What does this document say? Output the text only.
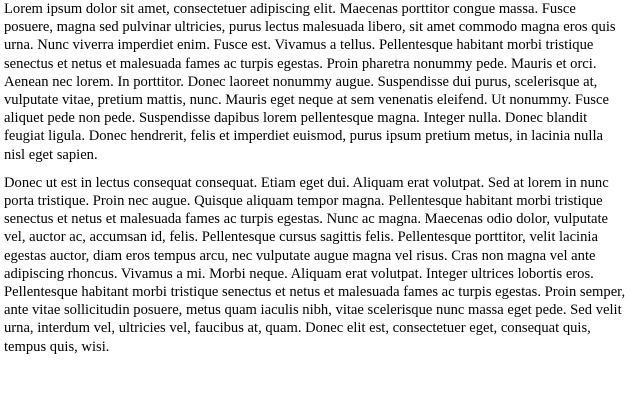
Lorem ipsum dolor sit amet, consectetuer adipiscing elit. Maecenas porttitor congue massa. Fusce posuere, magna sed pulvinar ultricies, purus lectus malesuada libero, sit amet commodo magna eros quis urna. Nunc viverra imperdiet enim. Fusce est. Vivamus a tellus. Pellentesque habitant morbi tristique senectus et netus et malesuada fames ac turpis egestas. Proin pharetra nonummy pede. Mauris et orci. Aenean nec lorem. In porttitor. Donec laoreet nonummy augue. Suspendisse dui purus, scelerisque at, vulputate vitae, pretium mattis, nunc. Mauris eget neque at sem venenatis eleifend. Ut nonummy. Fusce aliquet pede non pede. Suspendisse dapibus lorem pellentesque magna. Integer nulla. Donec blandit feugiat ligula. Donec hendrerit, felis et imperdiet euismod, purus ipsum pretium metus, in lacinia nulla nisl eget sapien.

Donec ut est in lectus consequat consequat. Etiam eget dui. Aliquam erat volutpat. Sed at lorem in nunc porta tristique. Proin nec augue. Quisque aliquam tempor magna. Pellentesque habitant morbi tristique senectus et netus et malesuada fames ac turpis egestas. Nunc ac magna. Maecenas odio dolor, vulputate vel, auctor ac, accumsan id, felis. Pellentesque cursus sagittis felis. Pellentesque porttitor, velit lacinia egestas auctor, diam eros tempus arcu, nec vulputate augue magna vel risus. Cras non magna vel ante adipiscing rhoncus. Vivamus a mi. Morbi neque. Aliquam erat volutpat. Integer ultrices lobortis eros. Pellentesque habitant morbi tristique senectus et netus et malesuada fames ac turpis egestas. Proin semper, ante vitae sollicitudin posuere, metus quam iaculis nibh, vitae scelerisque nunc massa eget pede. Sed velit urna, interdum vel, ultricies vel, faucibus at, quam. Donec elit est, consectetuer eget, consequat quis, tempus quis, wisi.
